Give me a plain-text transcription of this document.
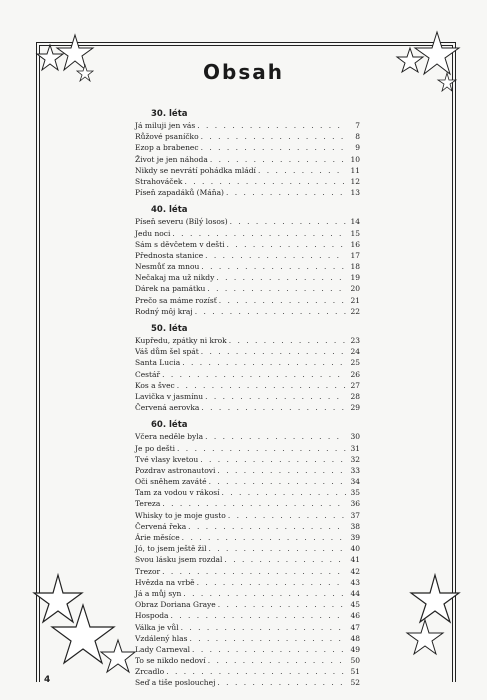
Obsah
30. léta
Já miluji jen vás . . .	7
Růžové psaníčko . . .	8
Ezop a brabenec . . .	9
Život je jen náhoda . . .	10
Nikdy se nevrátí pohádka mládí . . .	11
Strahováček . . .	12
Píseň zapadáků (Máňa) . . .	13
40. léta
Píseň severu (Bílý losos) . . .	14
Jedu noci . . .	15
Sám s děvčetem v dešti . . .	16
Přednosta stanice . . .	17
Nesmůť za mnou . . .	18
Nečakaj ma už nikdy . . .	19
Dárek na památku . . .	20
Prečo sa máme rozísť . . .	21
Rodný môj kraj . . .	22
50. léta
Kupředu, zpátky ni krok . . .	23
Váš dům šel spát . . .	24
Santa Lucia . . .	25
Cestář . . .	26
Kos a švec . . .	27
Lavička v jasmínu . . .	28
Červená aerovka . . .	29
60. léta
Včera neděle byla . . .	30
Je po dešti . . .	31
Tvé vlasy kvetou . . .	32
Pozdrav astronautovi . . .	33
Oči sněhem zaváté . . .	34
Tam za vodou v rákosí . . .	35
Tereza . . .	36
Whisky to je moje gusto . . .	37
Červená řeka . . .	38
Árie měsíce . . .	39
Jó, to jsem ještě žil . . .	40
Svou lásku jsem rozdal . . .	41
Trezor . . .	42
Hvězda na vrbě . . .	43
Já a můj syn . . .	44
Obraz Doriana Graye . . .	45
Hospoda . . .	46
Válka je vůl . . .	47
Vzdálený hlas . . .	48
Lady Carneval . . .	49
To se nikdo nedoví . . .	50
Zrcadlo . . .	51
Seď a tiše poslouchej . . .	52
4
